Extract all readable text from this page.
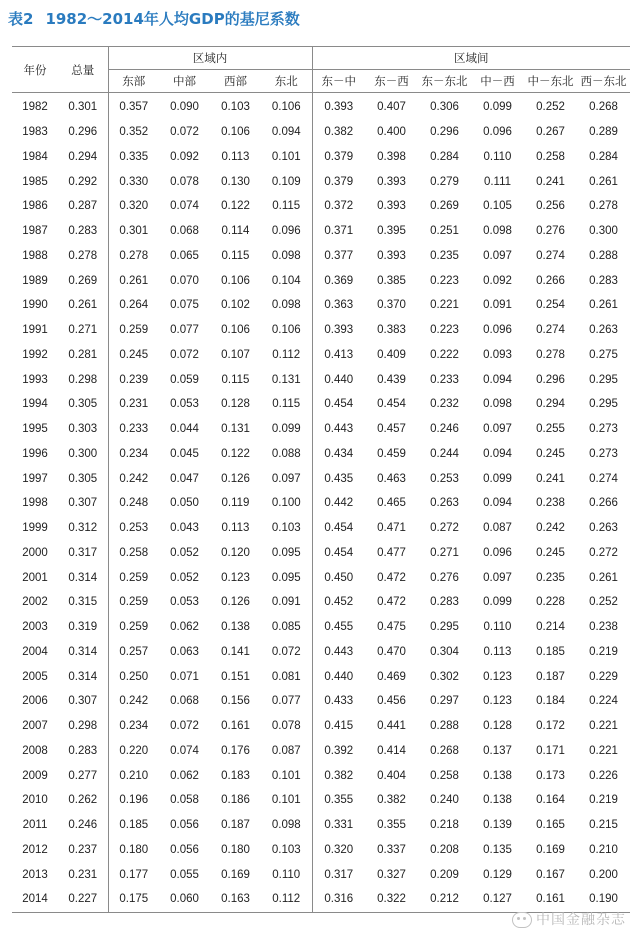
表2 1982～2014年人均GDP的基尼系数
年份	总量	区域内				区域间					
		东部	中部	西部	东北	东－中	东－西	东－东北	中－西	中－东北	西－东北
1982	0.301	0.357	0.090	0.103	0.106	0.393	0.407	0.306	0.099	0.252	0.268
1983	0.296	0.352	0.072	0.106	0.094	0.382	0.400	0.296	0.096	0.267	0.289
1984	0.294	0.335	0.092	0.113	0.101	0.379	0.398	0.284	0.110	0.258	0.284
1985	0.292	0.330	0.078	0.130	0.109	0.379	0.393	0.279	0.111	0.241	0.261
1986	0.287	0.320	0.074	0.122	0.115	0.372	0.393	0.269	0.105	0.256	0.278
1987	0.283	0.301	0.068	0.114	0.096	0.371	0.395	0.251	0.098	0.276	0.300
1988	0.278	0.278	0.065	0.115	0.098	0.377	0.393	0.235	0.097	0.274	0.288
1989	0.269	0.261	0.070	0.106	0.104	0.369	0.385	0.223	0.092	0.266	0.283
1990	0.261	0.264	0.075	0.102	0.098	0.363	0.370	0.221	0.091	0.254	0.261
1991	0.271	0.259	0.077	0.106	0.106	0.393	0.383	0.223	0.096	0.274	0.263
1992	0.281	0.245	0.072	0.107	0.112	0.413	0.409	0.222	0.093	0.278	0.275
1993	0.298	0.239	0.059	0.115	0.131	0.440	0.439	0.233	0.094	0.296	0.295
1994	0.305	0.231	0.053	0.128	0.115	0.454	0.454	0.232	0.098	0.294	0.295
1995	0.303	0.233	0.044	0.131	0.099	0.443	0.457	0.246	0.097	0.255	0.273
1996	0.300	0.234	0.045	0.122	0.088	0.434	0.459	0.244	0.094	0.245	0.273
1997	0.305	0.242	0.047	0.126	0.097	0.435	0.463	0.253	0.099	0.241	0.274
1998	0.307	0.248	0.050	0.119	0.100	0.442	0.465	0.263	0.094	0.238	0.266
1999	0.312	0.253	0.043	0.113	0.103	0.454	0.471	0.272	0.087	0.242	0.263
2000	0.317	0.258	0.052	0.120	0.095	0.454	0.477	0.271	0.096	0.245	0.272
2001	0.314	0.259	0.052	0.123	0.095	0.450	0.472	0.276	0.097	0.235	0.261
2002	0.315	0.259	0.053	0.126	0.091	0.452	0.472	0.283	0.099	0.228	0.252
2003	0.319	0.259	0.062	0.138	0.085	0.455	0.475	0.295	0.110	0.214	0.238
2004	0.314	0.257	0.063	0.141	0.072	0.443	0.470	0.304	0.113	0.185	0.219
2005	0.314	0.250	0.071	0.151	0.081	0.440	0.469	0.302	0.123	0.187	0.229
2006	0.307	0.242	0.068	0.156	0.077	0.433	0.456	0.297	0.123	0.184	0.224
2007	0.298	0.234	0.072	0.161	0.078	0.415	0.441	0.288	0.128	0.172	0.221
2008	0.283	0.220	0.074	0.176	0.087	0.392	0.414	0.268	0.137	0.171	0.221
2009	0.277	0.210	0.062	0.183	0.101	0.382	0.404	0.258	0.138	0.173	0.226
2010	0.262	0.196	0.058	0.186	0.101	0.355	0.382	0.240	0.138	0.164	0.219
2011	0.246	0.185	0.056	0.187	0.098	0.331	0.355	0.218	0.139	0.165	0.215
2012	0.237	0.180	0.056	0.180	0.103	0.320	0.337	0.208	0.135	0.169	0.210
2013	0.231	0.177	0.055	0.169	0.110	0.317	0.327	0.209	0.129	0.167	0.200
2014	0.227	0.175	0.060	0.163	0.112	0.316	0.322	0.212	0.127	0.161	0.190
中国金融杂志
